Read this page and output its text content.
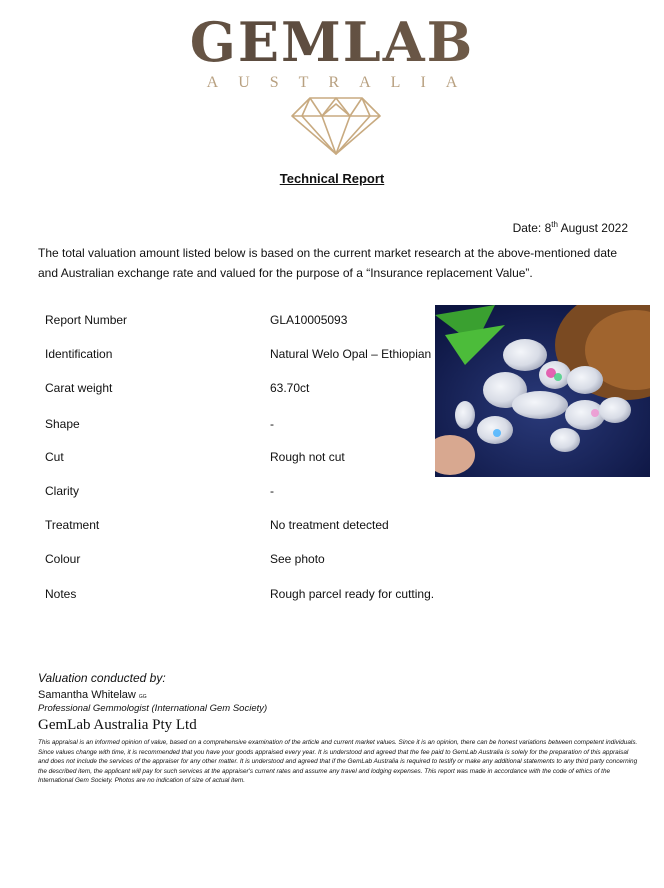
GEMLAB
AUSTRALIA
Technical Report
Date: 8th August 2022
The total valuation amount listed below is based on the current market research at the above-mentioned date and Australian exchange rate and valued for the purpose of a “Insurance replacement Value”.
Report Number	GLA10005093
Identification	Natural Welo Opal – Ethiopian
Carat weight	63.70ct
Shape	-
Cut	Rough not cut
Clarity	-
Treatment	No treatment detected
Colour	See photo
Notes	Rough parcel ready for cutting.
Valuation conducted by:
Samantha Whitelaw GG
Professional Gemmologist (International Gem Society)
GemLab Australia Pty Ltd
This appraisal is an informed opinion of value, based on a comprehensive examination of the article and current market values. Since it is an opinion, there can be honest variations between competent individuals. Since values change with time, it is recommended that you have your goods appraised every year. It is understood and agreed that the fee paid to GemLab Australia is solely for the preparation of this appraisal and does not include the services of the appraiser for any other matter. It is understood and agreed that if the GemLab Australia is required to testify or make any additional statements to any third party concerning the described item, the applicant will pay for such services at the appraiser's current rates and assume any travel and lodging expenses. This report was made in accordance with the code of ethics of the International Gem Society. Photos are no indication of size of actual item.
